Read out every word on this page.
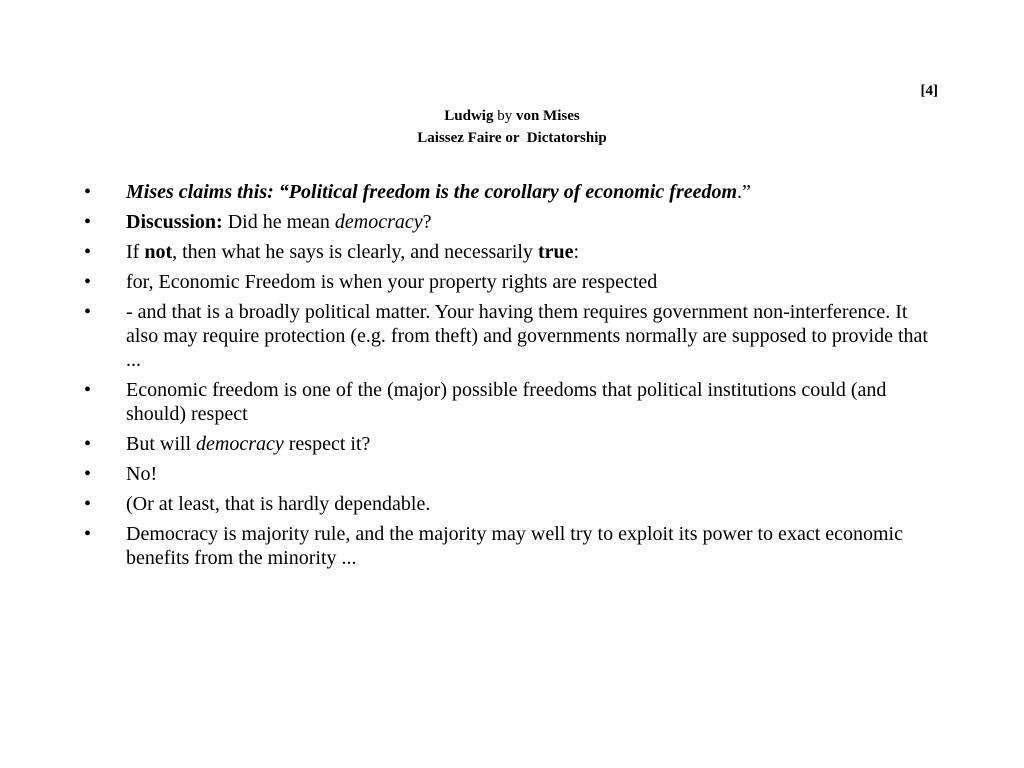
[4]
Ludwig by von Mises
Laissez Faire or  Dictatorship
•	Mises claims this: “Political freedom is the corollary of economic freedom.”
•	Discussion: Did he mean democracy?
•	If not, then what he says is clearly, and necessarily true:
•	for, Economic Freedom is when your property rights are respected
•	- and that is a broadly political matter. Your having them requires government non-interference. It also may require protection (e.g. from theft) and governments normally are supposed to provide that ...
•	Economic freedom is one of the (major) possible freedoms that political institutions could (and should) respect
•	But will democracy respect it?
•	No!
•	(Or at least, that is hardly dependable.
•	Democracy is majority rule, and the majority may well try to exploit its power to exact economic benefits from the minority ...
